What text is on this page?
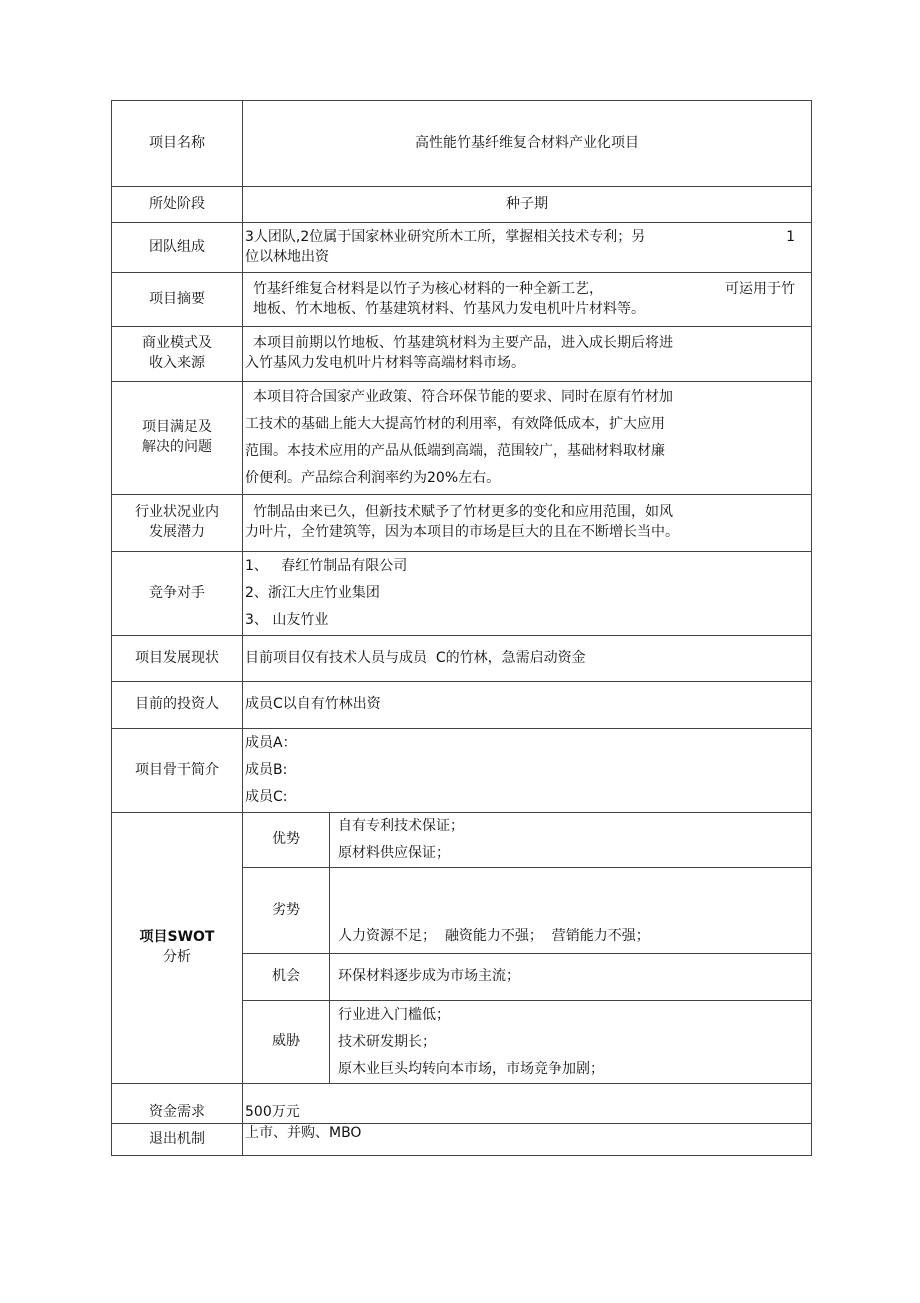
项目名称	高性能竹基纤维复合材料产业化项目	
所处阶段	种子期	
团队组成	3人团队,2位属于国家林业研究所木工所，掌握相关技术专利；另 1
位以林地出资	

项目摘要	竹基纤维复合材料是以竹子为核心材料的一种全新工艺， 可运用于竹
地板、竹木地板、竹基建筑材料、竹基风力发电机叶片材料等。	

商业模式及
收入来源	本项目前期以竹地板、竹基建筑材料为主要产品，进入成长期后将进
入竹基风力发电机叶片材料等高端材料市场。	

项目满足及
解决的问题	本项目符合国家产业政策、符合环保节能的要求、同时在原有竹材加
工技术的基础上能大大提高竹材的利用率，有效降低成本，扩大应用
范围。本技术应用的产品从低端到高端，范围较广，基础材料取材廉
价便利。产品综合利润率约为20%左右。	

行业状况业内
发展潜力	竹制品由来已久，但新技术赋予了竹材更多的变化和应用范围，如风
力叶片，全竹建筑等，因为本项目的市场是巨大的且在不断增长当中。	

竞争对手	1、   春红竹制品有限公司
2、浙江大庄竹业集团
3、 山友竹业	

项目发展现状	目前项目仅有技术人员与成员  C的竹林，急需启动资金	
目前的投资人	成员C以自有竹林出资	
项目骨干简介	成员A：
成员B:
成员C:	

项目SWOT
分析	优势	自有专利技术保证；
原材料供应保证；

	劣势	人力资源不足；  融资能力不强；  营销能力不强；

	机会	环保材料逐步成为市场主流；

	威胁	行业进入门槛低；
技术研发期长；
原木业巨头均转向本市场，市场竞争加剧；

资金需求	500万元	
退出机制	上市、并购、MBO	
